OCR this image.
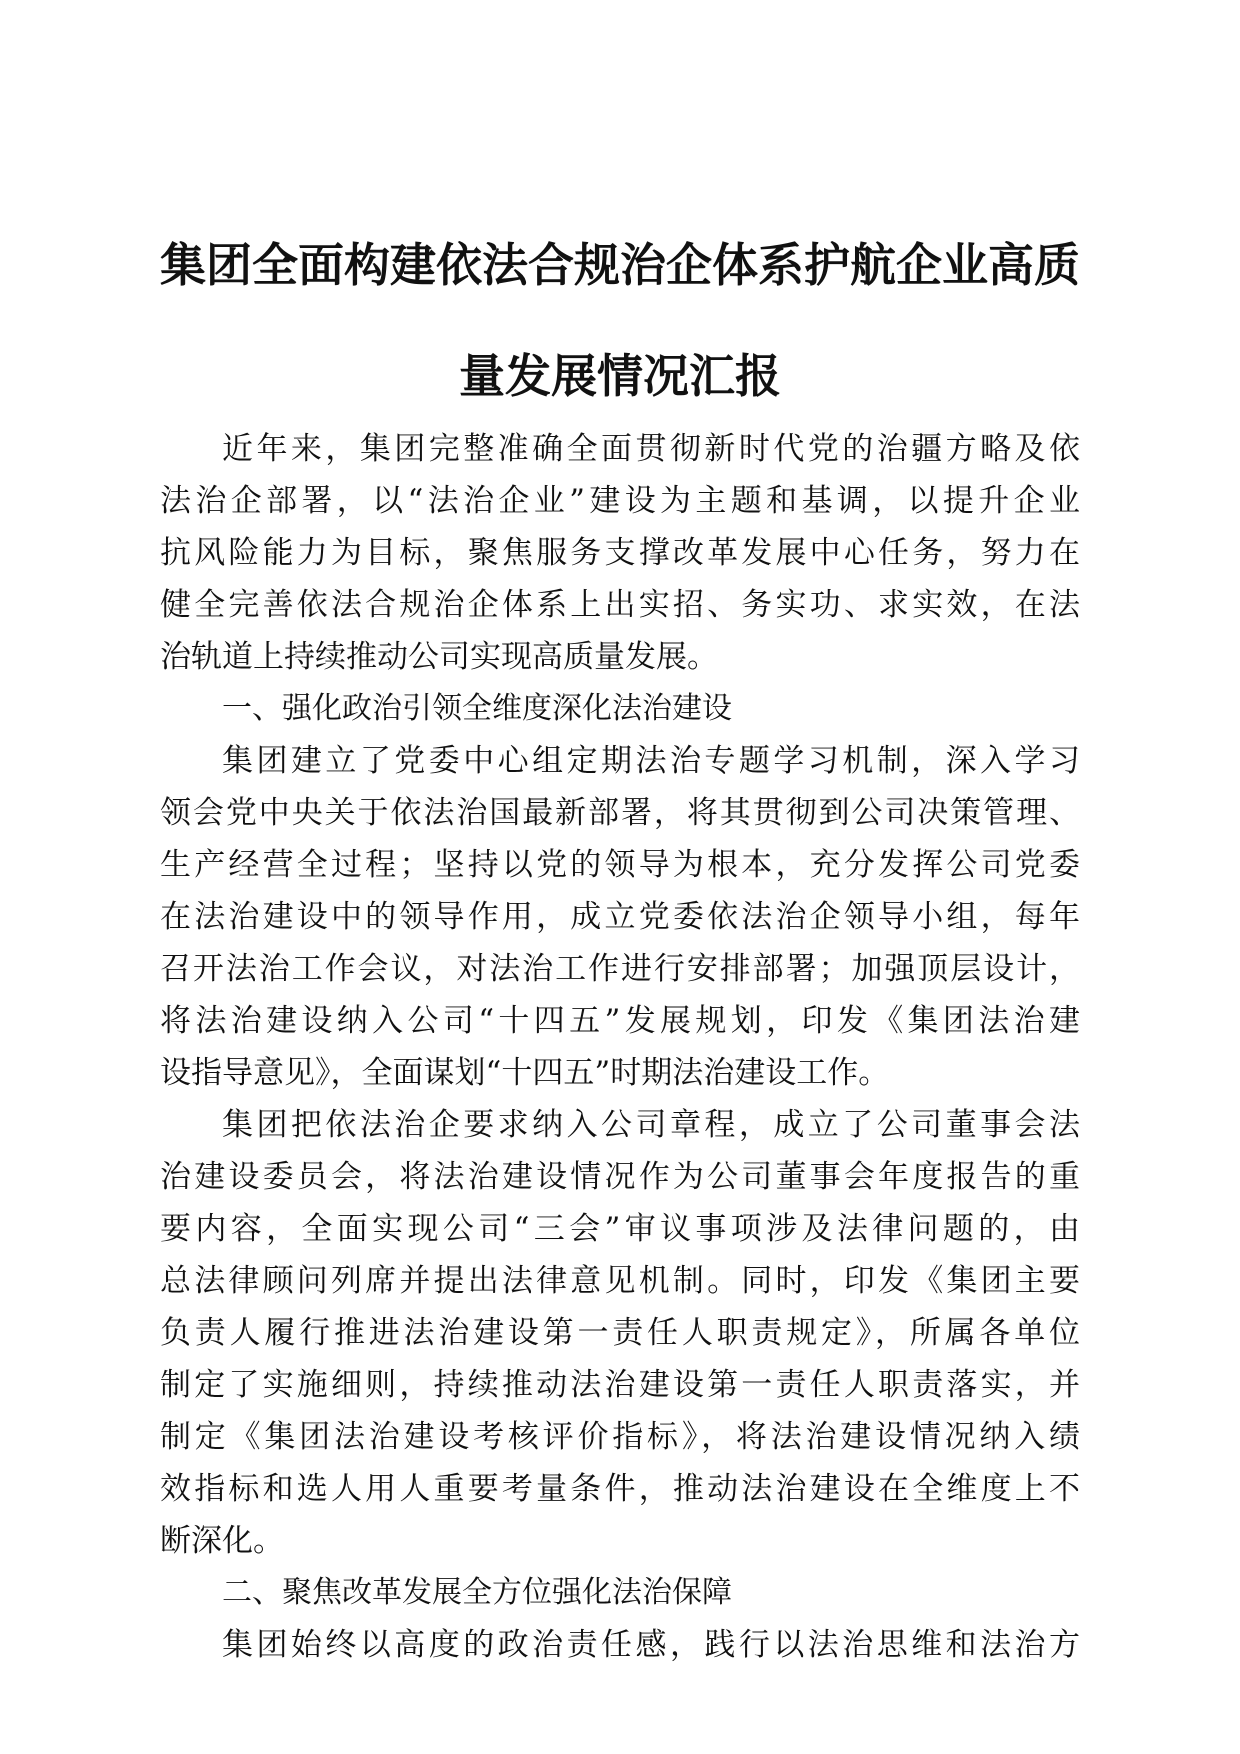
集团全面构建依法合规治企体系护航企业高质
量发展情况汇报
近年来，集团完整准确全面贯彻新时代党的治疆方略及依
法治企部署，以“法治企业”建设为主题和基调，以提升企业
抗风险能力为目标，聚焦服务支撑改革发展中心任务，努力在
健全完善依法合规治企体系上出实招、务实功、求实效，在法
治轨道上持续推动公司实现高质量发展。
一、强化政治引领全维度深化法治建设
集团建立了党委中心组定期法治专题学习机制，深入学习
领会党中央关于依法治国最新部署，将其贯彻到公司决策管理、
生产经营全过程；坚持以党的领导为根本，充分发挥公司党委
在法治建设中的领导作用，成立党委依法治企领导小组，每年
召开法治工作会议，对法治工作进行安排部署；加强顶层设计，
将法治建设纳入公司“十四五”发展规划，印发《集团法治建
设指导意见》，全面谋划“十四五”时期法治建设工作。
集团把依法治企要求纳入公司章程，成立了公司董事会法
治建设委员会，将法治建设情况作为公司董事会年度报告的重
要内容，全面实现公司“三会”审议事项涉及法律问题的，由
总法律顾问列席并提出法律意见机制。同时，印发《集团主要
负责人履行推进法治建设第一责任人职责规定》，所属各单位
制定了实施细则，持续推动法治建设第一责任人职责落实，并
制定《集团法治建设考核评价指标》，将法治建设情况纳入绩
效指标和选人用人重要考量条件，推动法治建设在全维度上不
断深化。
二、聚焦改革发展全方位强化法治保障
集团始终以高度的政治责任感，践行以法治思维和法治方
